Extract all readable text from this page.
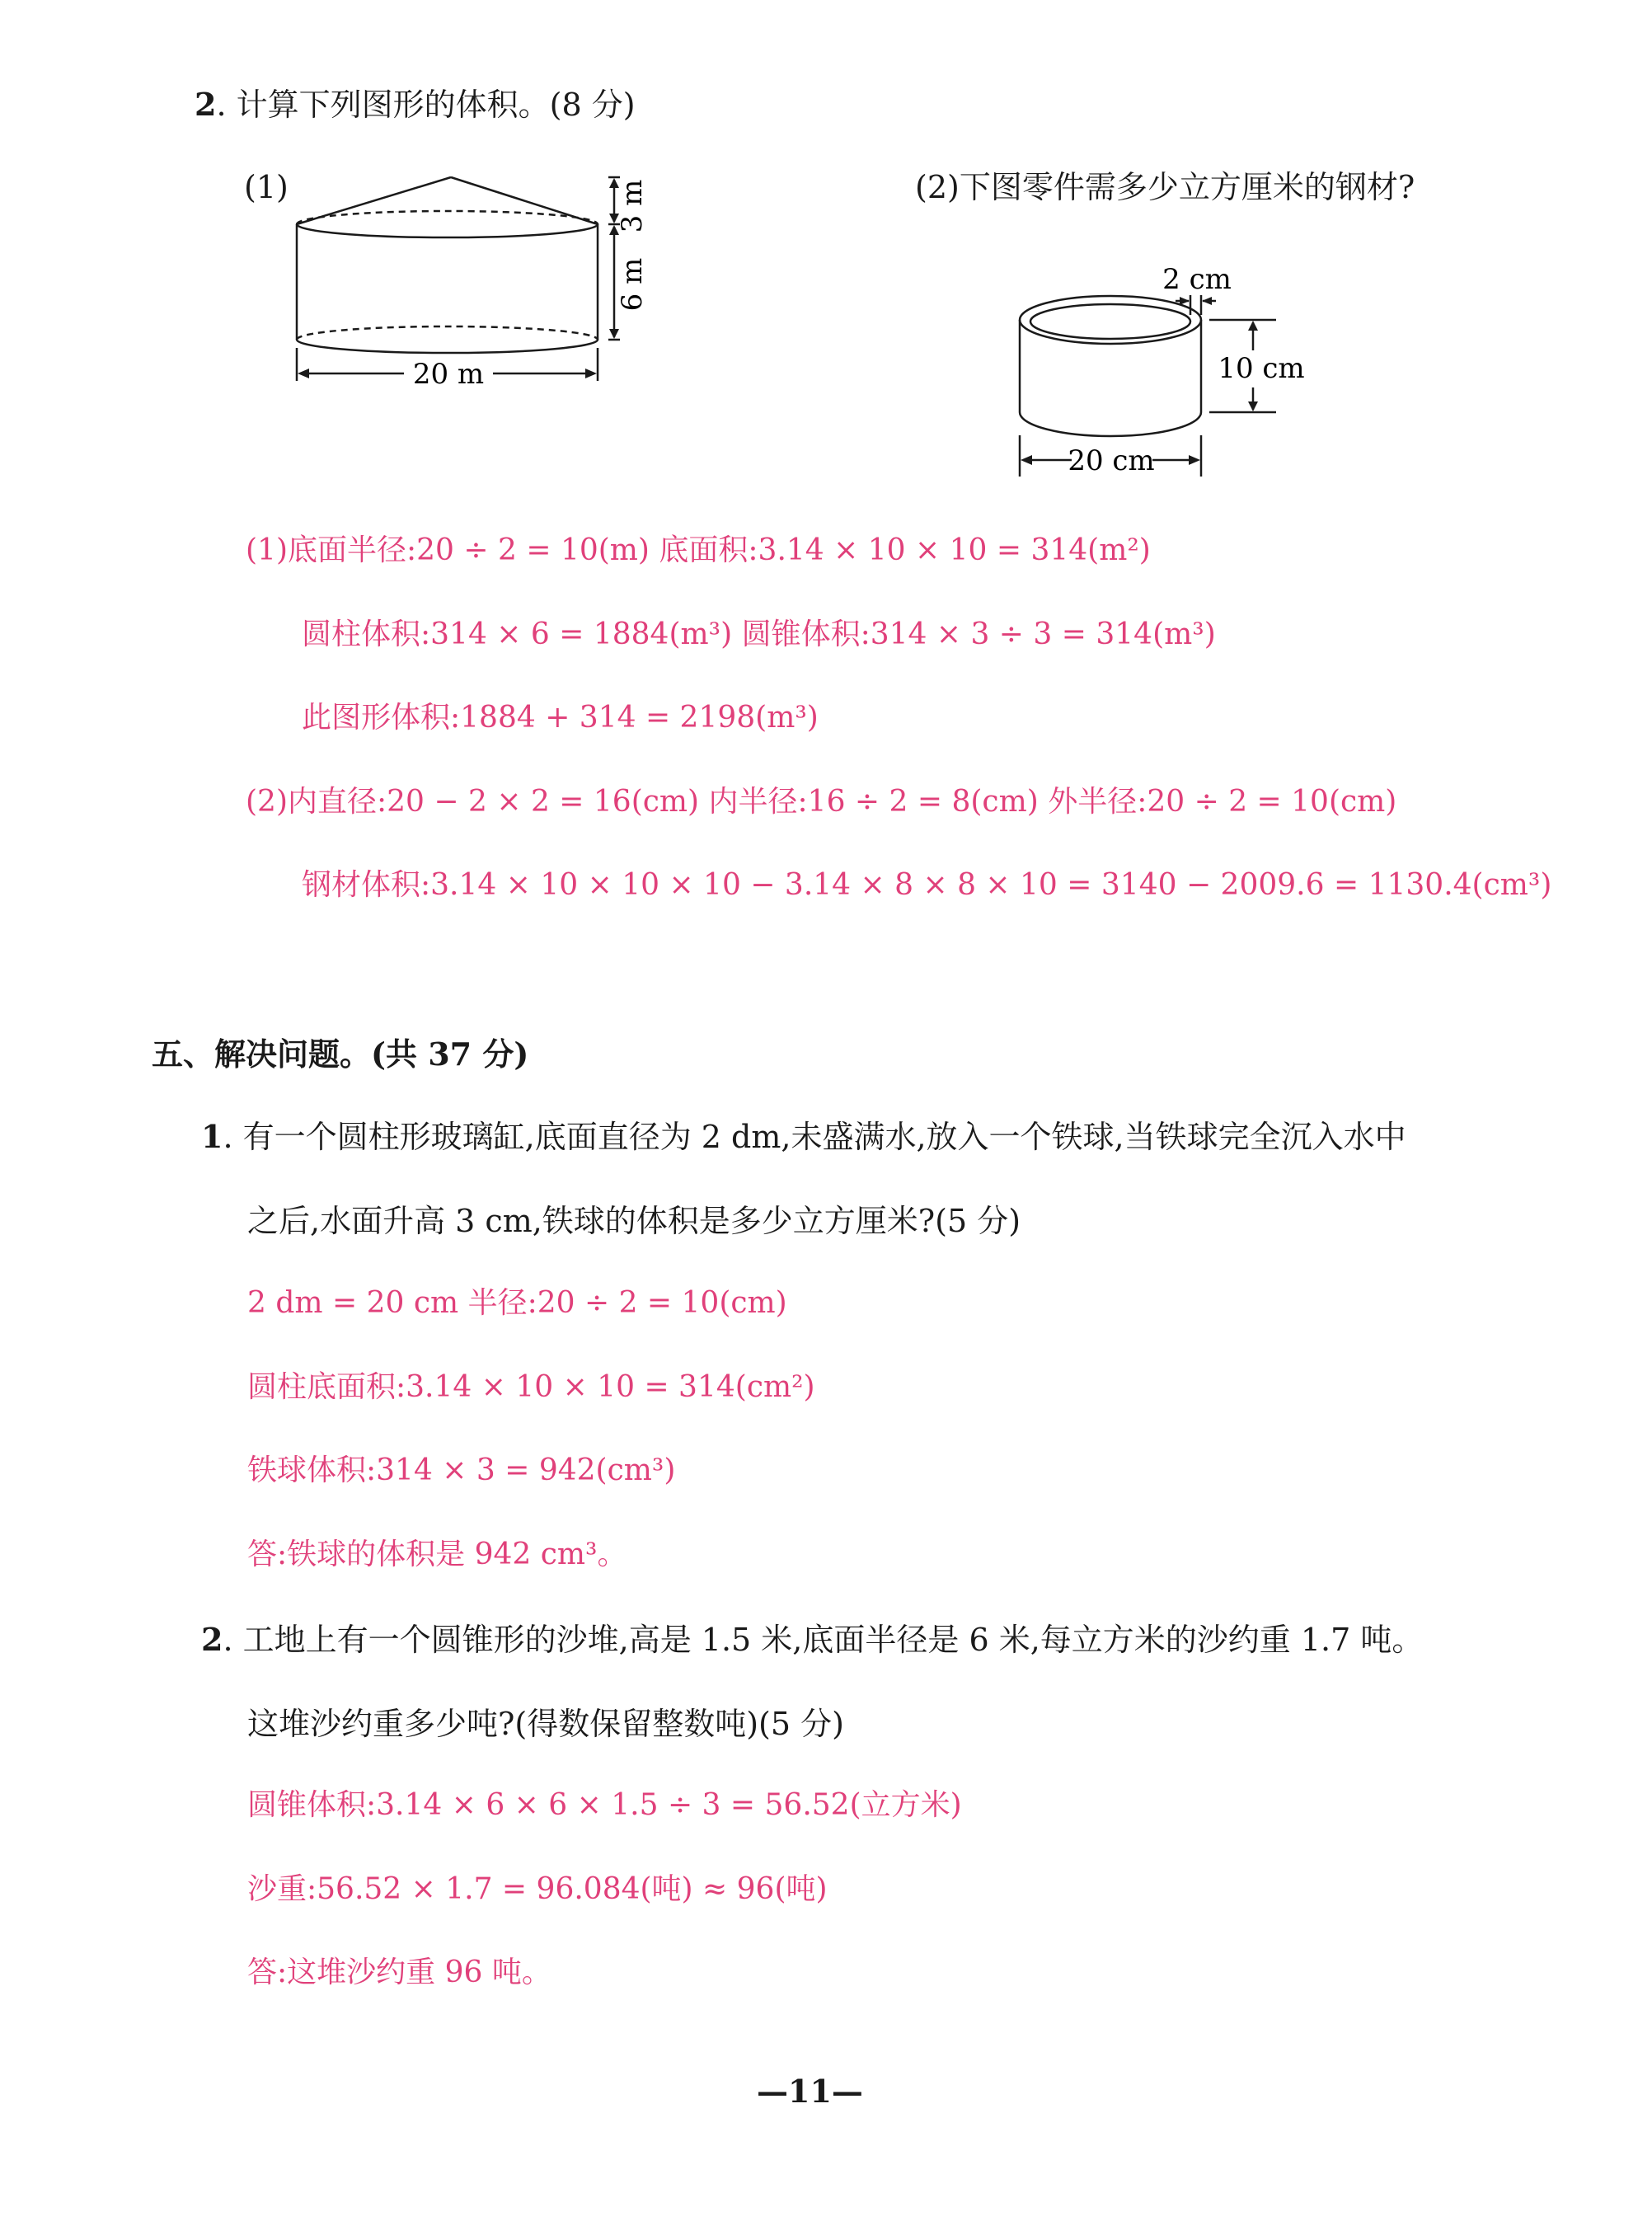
2. 计算下列图形的体积。(8 分)
(1)	3 m
6 m
20 m
(2)下图零件需多少立方厘米的钢材?
2 cm
10 cm
20 cm
(1)底面半径:20 ÷ 2 = 10(m) 底面积:3.14 × 10 × 10 = 314(m²)
圆柱体积:314 × 6 = 1884(m³) 圆锥体积:314 × 3 ÷ 3 = 314(m³)
此图形体积:1884 + 314 = 2198(m³)
(2)内直径:20 − 2 × 2 = 16(cm) 内半径:16 ÷ 2 = 8(cm) 外半径:20 ÷ 2 = 10(cm)
钢材体积:3.14 × 10 × 10 × 10 − 3.14 × 8 × 8 × 10 = 3140 − 2009.6 = 1130.4(cm³)
五、解决问题。(共 37 分)
1. 有一个圆柱形玻璃缸,底面直径为 2 dm,未盛满水,放入一个铁球,当铁球完全沉入水中
之后,水面升高 3 cm,铁球的体积是多少立方厘米?(5 分)
2 dm = 20 cm 半径:20 ÷ 2 = 10(cm)
圆柱底面积:3.14 × 10 × 10 = 314(cm²)
铁球体积:314 × 3 = 942(cm³)
答:铁球的体积是 942 cm³。
2. 工地上有一个圆锥形的沙堆,高是 1.5 米,底面半径是 6 米,每立方米的沙约重 1.7 吨。
这堆沙约重多少吨?(得数保留整数吨)(5 分)
圆锥体积:3.14 × 6 × 6 × 1.5 ÷ 3 = 56.52(立方米)
沙重:56.52 × 1.7 = 96.084(吨) ≈ 96(吨)
答:这堆沙约重 96 吨。
—11—
